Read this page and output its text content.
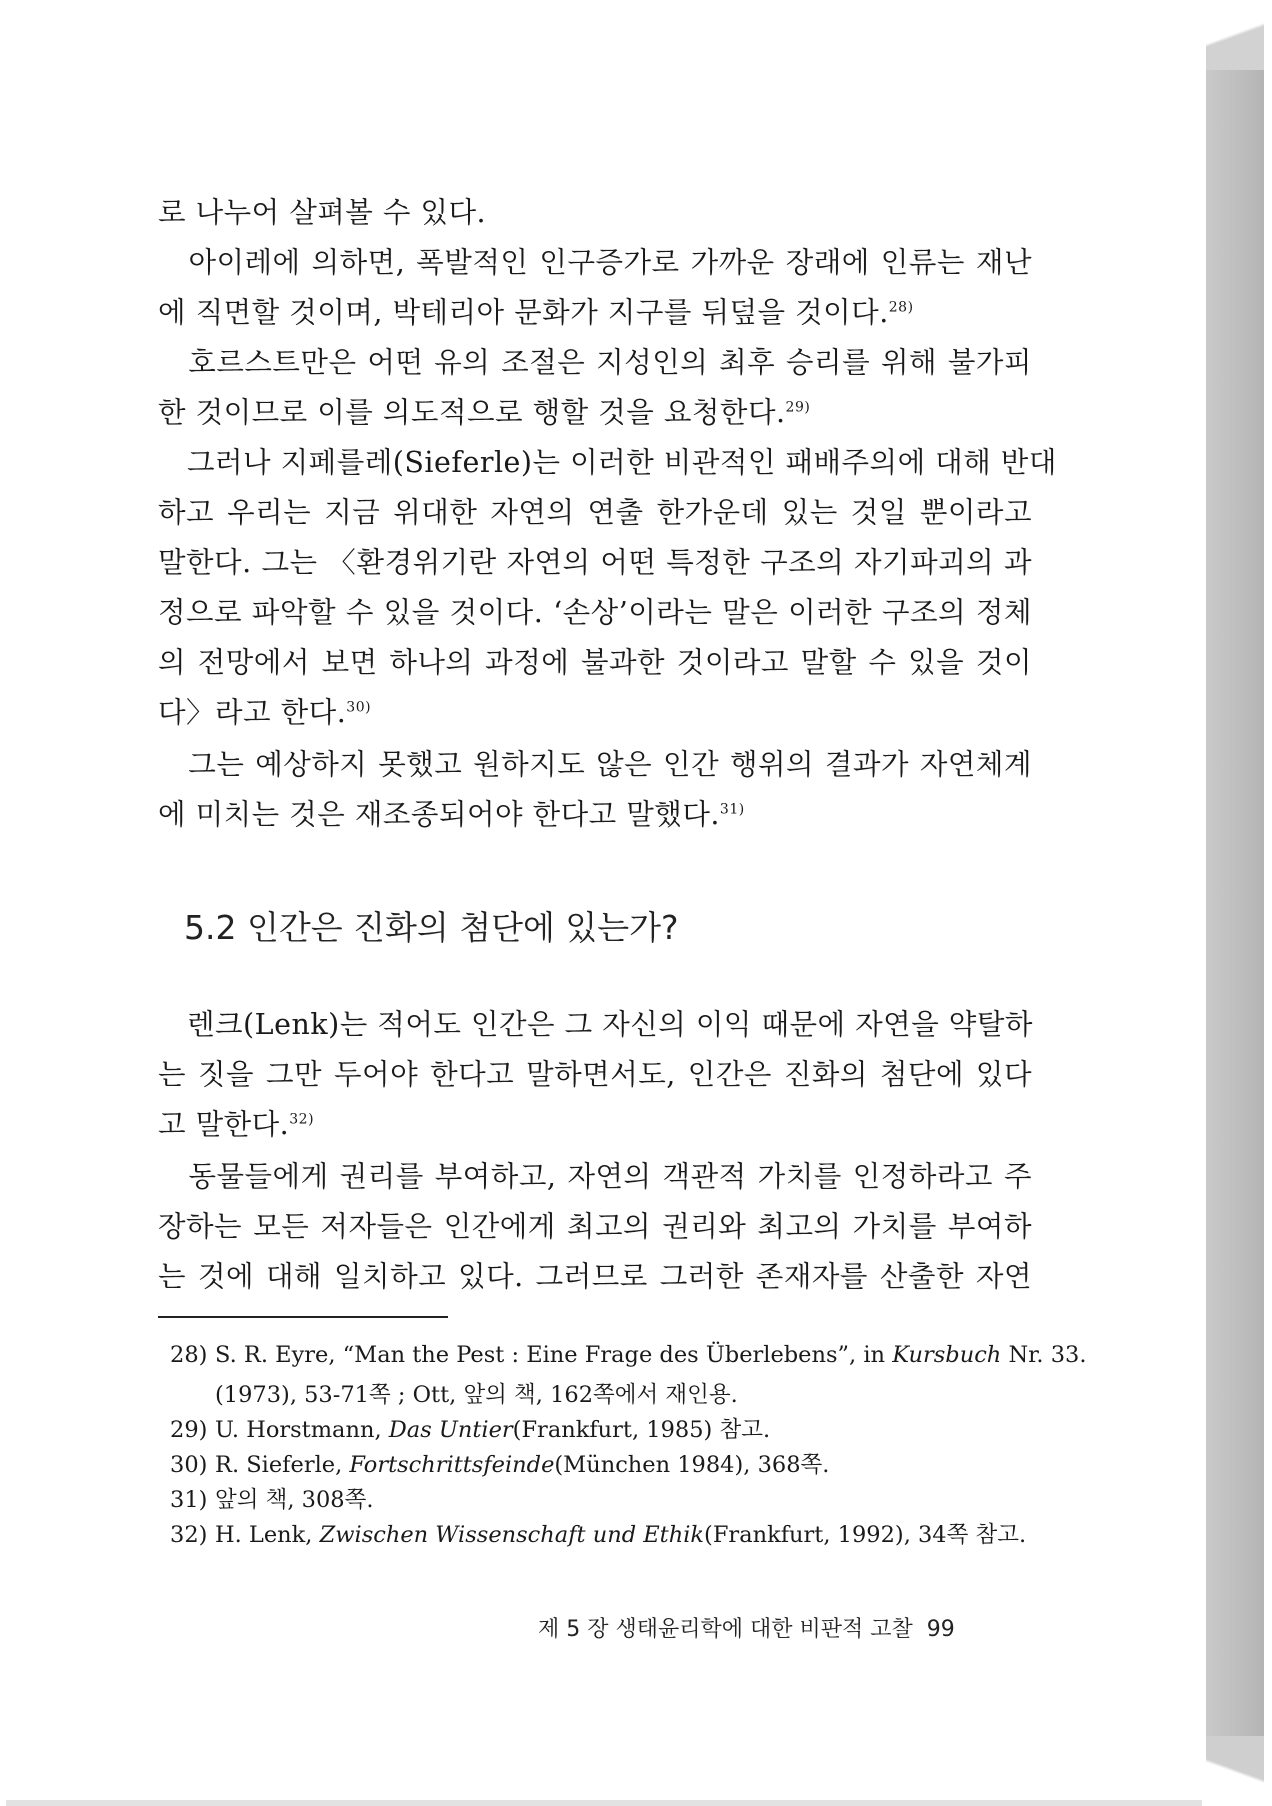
로 나누어 살펴볼 수 있다.
　아이레에 의하면, 폭발적인 인구증가로 가까운 장래에 인류는 재난
에 직면할 것이며, 박테리아 문화가 지구를 뒤덮을 것이다.$^{28)}$
　호르스트만은 어떤 유의 조절은 지성인의 최후 승리를 위해 불가피
한 것이므로 이를 의도적으로 행할 것을 요청한다.$^{29)}$
　그러나 지페를레(Sieferle)는 이러한 비관적인 패배주의에 대해 반대
하고 우리는 지금 위대한 자연의 연출 한가운데 있는 것일 뿐이라고
말한다. 그는 〈환경위기란 자연의 어떤 특정한 구조의 자기파괴의 과
정으로 파악할 수 있을 것이다. ‘손상’이라는 말은 이러한 구조의 정체
의 전망에서 보면 하나의 과정에 불과한 것이라고 말할 수 있을 것이
다〉라고 한다.$^{30)}$
　그는 예상하지 못했고 원하지도 않은 인간 행위의 결과가 자연체계
에 미치는 것은 재조종되어야 한다고 말했다.$^{31)}$
5.2 인간은 진화의 첨단에 있는가?
　렌크(Lenk)는 적어도 인간은 그 자신의 이익 때문에 자연을 약탈하
는 짓을 그만 두어야 한다고 말하면서도, 인간은 진화의 첨단에 있다
고 말한다.$^{32)}$
　동물들에게 권리를 부여하고, 자연의 객관적 가치를 인정하라고 주
장하는 모든 저자들은 인간에게 최고의 권리와 최고의 가치를 부여하
는 것에 대해 일치하고 있다. 그러므로 그러한 존재자를 산출한 자연
28) S. R. Eyre, “Man the Pest : Eine Frage des Überlebens”, in Kursbuch Nr. 33.
(1973), 53-71쪽 ; Ott, 앞의 책, 162쪽에서 재인용.
29) U. Horstmann, Das Untier(Frankfurt, 1985) 참고.
30) R. Sieferle, Fortschrittsfeinde(München 1984), 368쪽.
31) 앞의 책, 308쪽.
32) H. Lenk, Zwischen Wissenschaft und Ethik(Frankfurt, 1992), 34쪽 참고.
제 5 장 생태윤리학에 대한 비판적 고찰 99
